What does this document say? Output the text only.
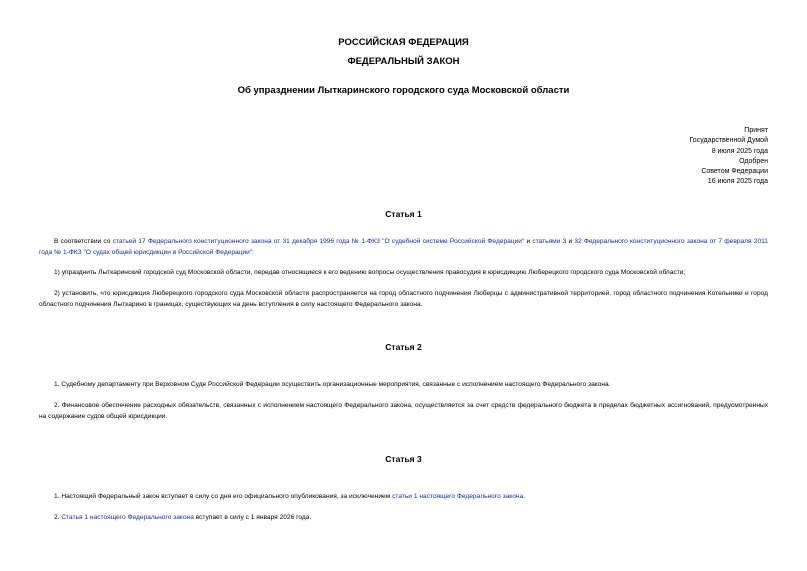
РОССИЙСКАЯ ФЕДЕРАЦИЯ
ФЕДЕРАЛЬНЫЙ ЗАКОН
Об упразднении Лыткаринского городского суда Московской области
Принят
Государственной Думой
8 июля 2025 года
Одобрен
Советом Федерации
16 июля 2025 года
Статья 1
В соответствии со статьей 17 Федерального конституционного закона от 31 декабря 1996 года № 1-ФКЗ "О судебной системе Российской Федерации" и статьями 3 и 32 Федерального конституционного закона от 7 февраля 2011 года № 1-ФКЗ "О судах общей юрисдикции в Российской Федерации":
1) упразднить Лыткаринский городской суд Московской области, передав относящиеся к его ведению вопросы осуществления правосудия в юрисдикцию Люберецкого городского суда Московской области;
2) установить, что юрисдикция Люберецкого городского суда Московской области распространяется на город областного подчинения Люберцы с административной территорией, город областного подчинения Котельники и город областного подчинения Лыткарино в границах, существующих на день вступления в силу настоящего Федерального закона.
Статья 2
1. Судебному департаменту при Верховном Суде Российской Федерации осуществить организационные мероприятия, связанные с исполнением настоящего Федерального закона.
2. Финансовое обеспечение расходных обязательств, связанных с исполнением настоящего Федерального закона, осуществляется за счет средств федерального бюджета в пределах бюджетных ассигнований, предусмотренных на содержание судов общей юрисдикции.
Статья 3
1. Настоящий Федеральный закон вступает в силу со дня его официального опубликования, за исключением статьи 1 настоящего Федерального закона.
2. Статья 1 настоящего Федерального закона вступает в силу с 1 января 2026 года.
